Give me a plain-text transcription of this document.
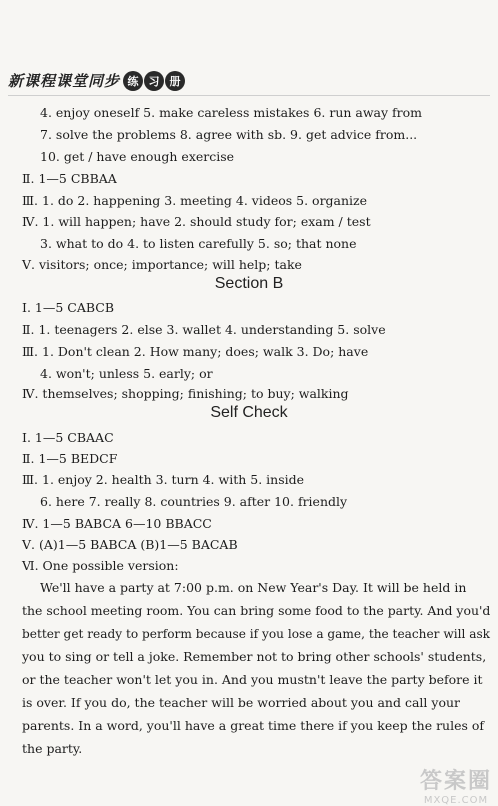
新课程课堂同步 练 习 册
4. enjoy oneself 5. make careless mistakes 6. run away from
7. solve the problems 8. agree with sb. 9. get advice from...
10. get / have enough exercise
Ⅱ. 1—5 CBBAA
Ⅲ. 1. do 2. happening 3. meeting 4. videos 5. organize
Ⅳ. 1. will happen; have 2. should study for; exam / test
3. what to do 4. to listen carefully 5. so; that none
Ⅴ. visitors; once; importance; will help; take
Section B
Ⅰ. 1—5 CABCB
Ⅱ. 1. teenagers 2. else 3. wallet 4. understanding 5. solve
Ⅲ. 1. Don't clean 2. How many; does; walk 3. Do; have
4. won't; unless 5. early; or
Ⅳ. themselves; shopping; finishing; to buy; walking
Self Check
Ⅰ. 1—5 CBAAC
Ⅱ. 1—5 BEDCF
Ⅲ. 1. enjoy 2. health 3. turn 4. with 5. inside
6. here 7. really 8. countries 9. after 10. friendly
Ⅳ. 1—5 BABCA 6—10 BBACC
Ⅴ. (A)1—5 BABCA (B)1—5 BACAB
Ⅵ. One possible version:
We'll have a party at 7:00 p.m. on New Year's Day. It will be held in
the school meeting room. You can bring some food to the party. And you'd
better get ready to perform because if you lose a game, the teacher will ask
you to sing or tell a joke. Remember not to bring other schools' students,
or the teacher won't let you in. And you mustn't leave the party before it
is over. If you do, the teacher will be worried about you and call your
parents. In a word, you'll have a great time there if you keep the rules of
the party.
答案圈
MXQE.COM
